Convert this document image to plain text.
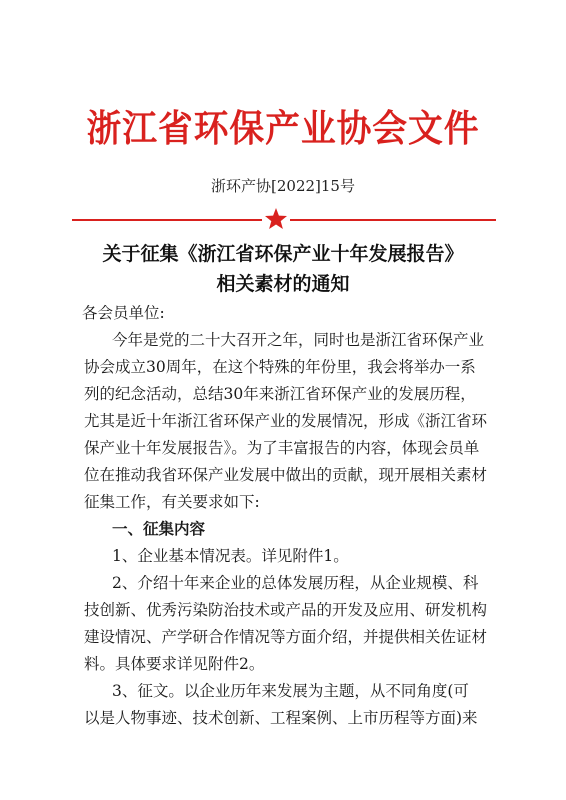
浙江省环保产业协会文件
浙环产协[2022]15号
关于征集《浙江省环保产业十年发展报告》
相关素材的通知
各会员单位:
今年是党的二十大召开之年，同时也是浙江省环保产业
协会成立30周年，在这个特殊的年份里，我会将举办一系
列的纪念活动，总结30年来浙江省环保产业的发展历程，
尤其是近十年浙江省环保产业的发展情况，形成《浙江省环
保产业十年发展报告》。为了丰富报告的内容，体现会员单
位在推动我省环保产业发展中做出的贡献，现开展相关素材
征集工作，有关要求如下:
一、征集内容
1、企业基本情况表。详见附件1。
2、介绍十年来企业的总体发展历程，从企业规模、科
技创新、优秀污染防治技术或产品的开发及应用、研发机构
建设情况、产学研合作情况等方面介绍，并提供相关佐证材
料。具体要求详见附件2。
3、征文。以企业历年来发展为主题，从不同角度(可
以是人物事迹、技术创新、工程案例、上市历程等方面)来
